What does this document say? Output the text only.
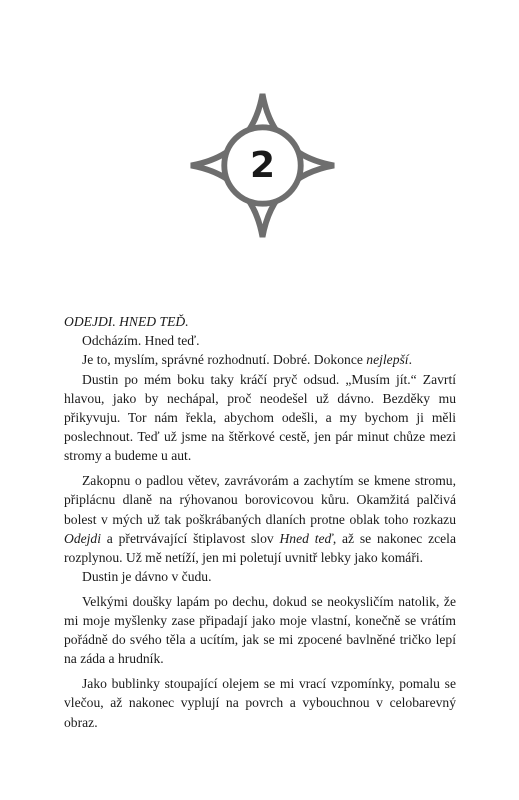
2

ODEJDI. HNED TEĎ.

Odcházím. Hned teď.

Je to, myslím, správné rozhodnutí. Dobré. Dokonce nejlepší.

Dustin po mém boku taky kráčí pryč odsud. „Musím jít.“ Zavrtí hlavou, jako by nechápal, proč neodešel už dávno. Bezděky mu přikyvuju. Tor nám řekla, abychom odešli, a my bychom ji měli poslechnout. Teď už jsme na štěrkové cestě, jen pár minut chůze mezi stromy a budeme u aut.

Zakopnu o padlou větev, zavrávorám a zachytím se kmene stromu, připlácnu dlaně na rýhovanou borovicovou kůru. Okamžitá palčivá bolest v mých už tak poškrábaných dlaních protne oblak toho rozkazu Odejdi a přetrvávající štiplavost slov Hned teď, až se nakonec zcela rozplynou. Už mě netíží, jen mi poletují uvnitř lebky jako komáři.

Dustin je dávno v čudu.

Velkými doušky lapám po dechu, dokud se neokysličím natolik, že mi moje myšlenky zase připadají jako moje vlastní, konečně se vrátím pořádně do svého těla a ucítím, jak se mi zpocené bavlněné tričko lepí na záda a hrudník.

Jako bublinky stoupající olejem se mi vrací vzpomínky, pomalu se vlečou, až nakonec vyplují na povrch a vybouchnou v celobarevný obraz.
